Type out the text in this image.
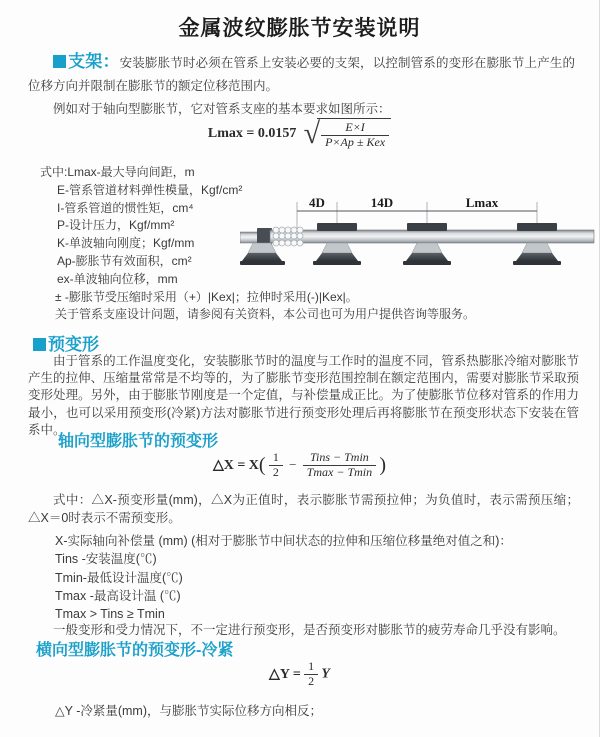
金属波纹膨胀节安装说明

支架：安装膨胀节时必须在管系上安装必要的支架，以控制管系的变形在膨胀节上产生的位移方向并限制在膨胀节的额定位移范围内。

例如对于轴向型膨胀节，它对管系支座的基本要求如图所示：

Lmax = 0.0157 √ $\frac{E\times I}{\text{P×Ap ± Kex}}$
式中:Lmax-最大导向间距，m
E-管系管道材料弹性模量，Kgf/cm²
I-管系管道的惯性矩，cm⁴
P-设计压力，Kgf/mm²
K-单波轴向刚度；Kgf/mm
Ap-膨胀节有效面积，cm²
ex-单波轴向位移，mm
± -膨胀节受压缩时采用（+）|Kex|；拉伸时采用(-)|Kex|。
关于管系支座设计问题，请参阅有关资料，本公司也可为用户提供咨询等服务。
4D	14D	Lmax
预变形

由于管系的工作温度变化，安装膨胀节时的温度与工作时的温度不同，管系热膨胀冷缩对膨胀节产生的拉伸、压缩量常常是不均等的，为了膨胀节变形范围控制在额定范围内，需要对膨胀节采取预变形处理。另外，由于膨胀节刚度是一个定值，与补偿量成正比。为了使膨胀节位移对管系的作用力最小，也可以采用预变形(冷紧)方法对膨胀节进行预变形处理后再将膨胀节在预变形状态下安装在管系中。

轴向型膨胀节的预变形
△X = $X( \frac{1}{2} - \frac{\text{Tins − Tmin}}{Tmax - Tmin}$ )

式中：△X-预变形量(mm)，△X为正值时，表示膨胀节需预拉伸；为负值时，表示需预压缩；△X＝0时表示不需预变形。

X-实际轴向补偿量 (mm) (相对于膨胀节中间状态的拉伸和压缩位移量绝对值之和)：
Tins -安装温度(℃)
Tmin-最低设计温度(℃)
Tmax -最高设计温 (℃)
Tmax > Tins ≥ Tmin

一般变形和受力情况下，不一定进行预变形，是否预变形对膨胀节的疲劳寿命几乎没有影响。

横向型膨胀节的预变形-冷紧
△Y = $\frac{1}{2}$ Y

△Y -冷紧量(mm)，与膨胀节实际位移方向相反；
